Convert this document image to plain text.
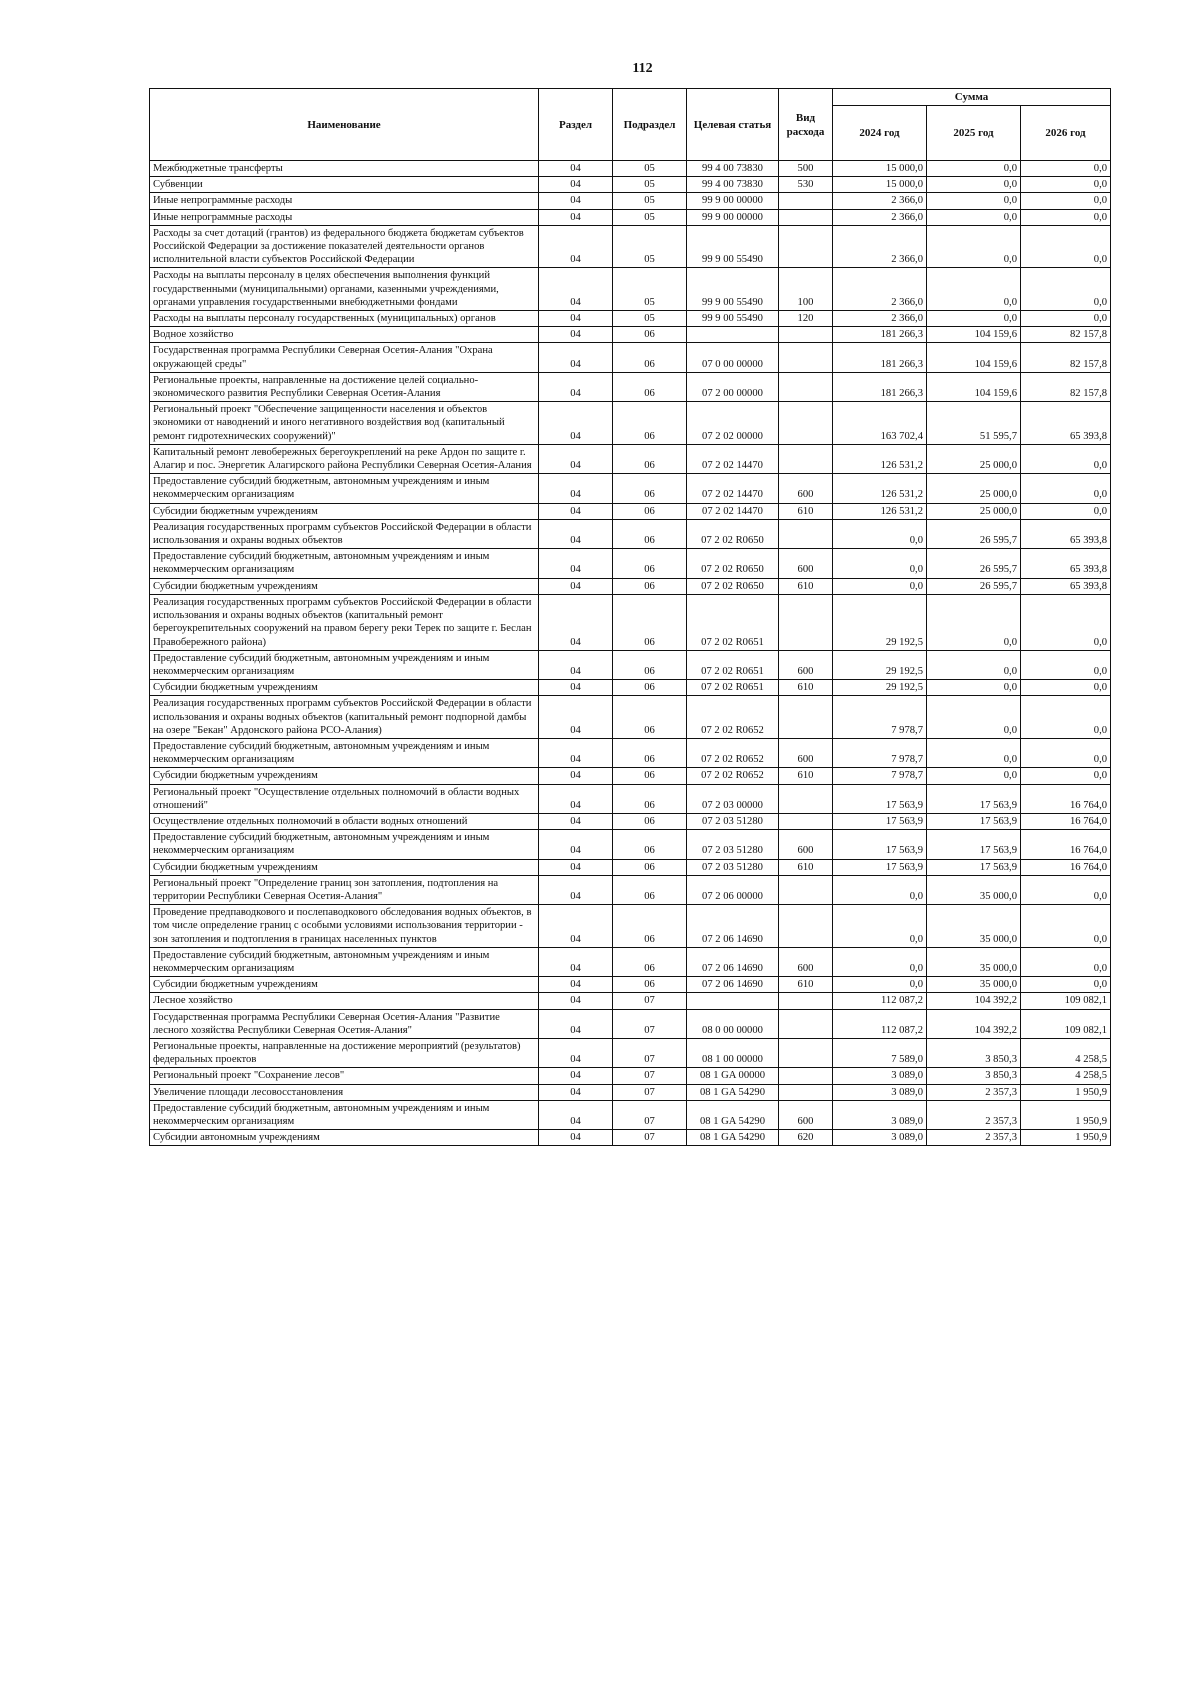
112
Наименование	Раздел	Подраздел	Целевая статья	Вид расхода	Сумма		
					2024 год	2025 год	2026 год
Межбюджетные трансферты	04	05	99 4 00 73830	500	15 000,0	0,0	0,0
Субвенции	04	05	99 4 00 73830	530	15 000,0	0,0	0,0
Иные непрограммные расходы	04	05	99 9 00 00000		2 366,0	0,0	0,0
Иные непрограммные расходы	04	05	99 9 00 00000		2 366,0	0,0	0,0
Расходы за счет дотаций (грантов) из федерального бюджета бюджетам субъектов Российской Федерации за достижение показателей деятельности органов исполнительной власти субъектов Российской Федерации	04	05	99 9 00 55490		2 366,0	0,0	0,0
Расходы на выплаты персоналу в целях обеспечения выполнения функций государственными (муниципальными) органами, казенными учреждениями, органами управления государственными внебюджетными фондами	04	05	99 9 00 55490	100	2 366,0	0,0	0,0
Расходы на выплаты персоналу государственных (муниципальных) органов	04	05	99 9 00 55490	120	2 366,0	0,0	0,0
Водное хозяйство	04	06			181 266,3	104 159,6	82 157,8
Государственная программа Республики Северная Осетия-Алания "Охрана окружающей среды"	04	06	07 0 00 00000		181 266,3	104 159,6	82 157,8
Региональные проекты, направленные на достижение целей социально-экономического развития Республики Северная Осетия-Алания	04	06	07 2 00 00000		181 266,3	104 159,6	82 157,8
Региональный проект "Обеспечение защищенности населения и объектов экономики от наводнений и иного негативного воздействия вод (капитальный ремонт гидротехнических сооружений)"	04	06	07 2 02 00000		163 702,4	51 595,7	65 393,8
Капитальный ремонт левобережных берегоукреплений на реке Ардон по защите г. Алагир и пос. Энергетик Алагирского района Республики Северная Осетия-Алания	04	06	07 2 02 14470		126 531,2	25 000,0	0,0
Предоставление субсидий бюджетным, автономным учреждениям и иным некоммерческим организациям	04	06	07 2 02 14470	600	126 531,2	25 000,0	0,0
Субсидии бюджетным учреждениям	04	06	07 2 02 14470	610	126 531,2	25 000,0	0,0
Реализация государственных программ субъектов Российской Федерации в области использования и охраны водных объектов	04	06	07 2 02 R0650		0,0	26 595,7	65 393,8
Предоставление субсидий бюджетным, автономным учреждениям и иным некоммерческим организациям	04	06	07 2 02 R0650	600	0,0	26 595,7	65 393,8
Субсидии бюджетным учреждениям	04	06	07 2 02 R0650	610	0,0	26 595,7	65 393,8
Реализация государственных программ субъектов Российской Федерации в области использования и охраны водных объектов (капитальный ремонт берегоукрепительных сооружений на правом берегу реки Терек по защите г. Беслан Правобережного района)	04	06	07 2 02 R0651		29 192,5	0,0	0,0
Предоставление субсидий бюджетным, автономным учреждениям и иным некоммерческим организациям	04	06	07 2 02 R0651	600	29 192,5	0,0	0,0
Субсидии бюджетным учреждениям	04	06	07 2 02 R0651	610	29 192,5	0,0	0,0
Реализация государственных программ субъектов Российской Федерации в области использования и охраны водных объектов (капитальный ремонт подпорной дамбы на озере "Бекан" Ардонского района РСО-Алания)	04	06	07 2 02 R0652		7 978,7	0,0	0,0
Предоставление субсидий бюджетным, автономным учреждениям и иным некоммерческим организациям	04	06	07 2 02 R0652	600	7 978,7	0,0	0,0
Субсидии бюджетным учреждениям	04	06	07 2 02 R0652	610	7 978,7	0,0	0,0
Региональный проект "Осуществление отдельных полномочий в области водных отношений"	04	06	07 2 03 00000		17 563,9	17 563,9	16 764,0
Осуществление отдельных полномочий в области водных отношений	04	06	07 2 03 51280		17 563,9	17 563,9	16 764,0
Предоставление субсидий бюджетным, автономным учреждениям и иным некоммерческим организациям	04	06	07 2 03 51280	600	17 563,9	17 563,9	16 764,0
Субсидии бюджетным учреждениям	04	06	07 2 03 51280	610	17 563,9	17 563,9	16 764,0
Региональный проект "Определение границ зон затопления, подтопления на территории Республики Северная Осетия-Алания"	04	06	07 2 06 00000		0,0	35 000,0	0,0
Проведение предпаводкового и послепаводкового обследования водных объектов, в том числе определение границ с особыми условиями использования территории - зон затопления и подтопления в границах населенных пунктов	04	06	07 2 06 14690		0,0	35 000,0	0,0
Предоставление субсидий бюджетным, автономным учреждениям и иным некоммерческим организациям	04	06	07 2 06 14690	600	0,0	35 000,0	0,0
Субсидии бюджетным учреждениям	04	06	07 2 06 14690	610	0,0	35 000,0	0,0
Лесное хозяйство	04	07			112 087,2	104 392,2	109 082,1
Государственная программа Республики Северная Осетия-Алания "Развитие лесного хозяйства Республики Северная Осетия-Алания"	04	07	08 0 00 00000		112 087,2	104 392,2	109 082,1
Региональные проекты, направленные на достижение мероприятий (результатов) федеральных проектов	04	07	08 1 00 00000		7 589,0	3 850,3	4 258,5
Региональный проект "Сохранение лесов"	04	07	08 1 GA 00000		3 089,0	3 850,3	4 258,5
Увеличение площади лесовосстановления	04	07	08 1 GA 54290		3 089,0	2 357,3	1 950,9
Предоставление субсидий бюджетным, автономным учреждениям и иным некоммерческим организациям	04	07	08 1 GA 54290	600	3 089,0	2 357,3	1 950,9
Субсидии автономным учреждениям	04	07	08 1 GA 54290	620	3 089,0	2 357,3	1 950,9
